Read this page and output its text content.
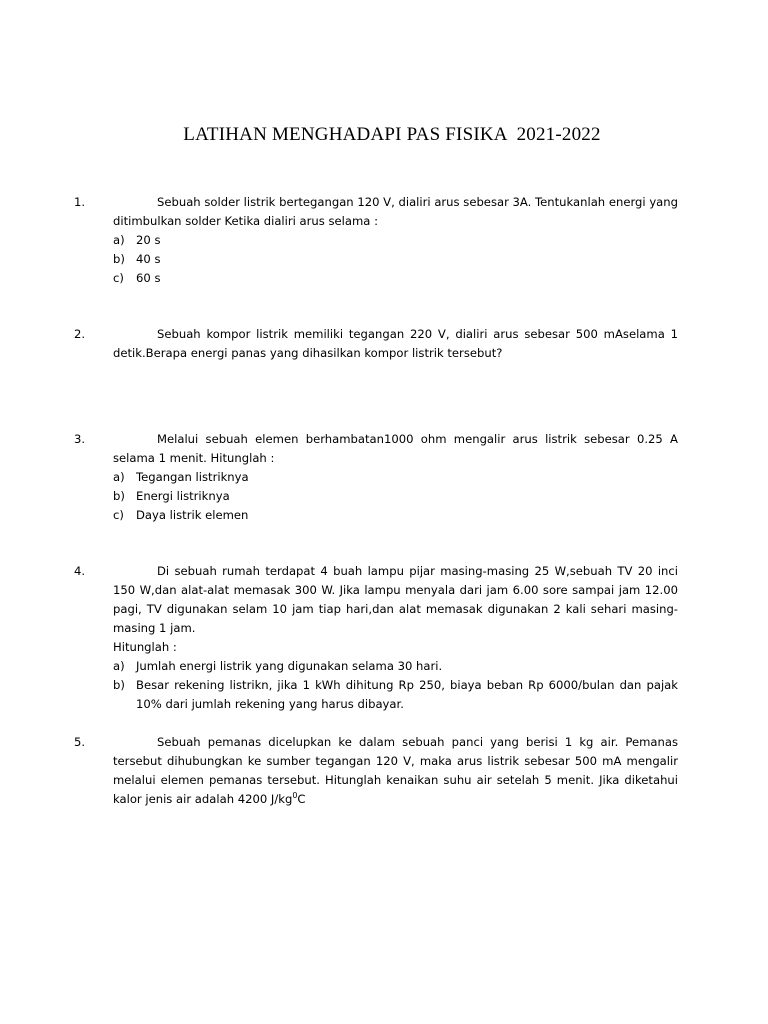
LATIHAN MENGHADAPI PAS FISIKA  2021-2022
1.	Sebuah solder listrik bertegangan 120 V, dialiri arus sebesar 3A. Tentukanlah energi yang ditimbulkan solder Ketika dialiri arus selama :
a) 20 s
b) 40 s
c) 60 s
2.	Sebuah kompor listrik memiliki tegangan 220 V, dialiri arus sebesar 500 mAselama 1 detik.Berapa energi panas yang dihasilkan kompor listrik tersebut?
3.	Melalui sebuah elemen berhambatan1000 ohm mengalir arus listrik sebesar 0.25 A selama 1 menit. Hitunglah :
a) Tegangan listriknya
b) Energi listriknya
c) Daya listrik elemen
4.	Di sebuah rumah terdapat 4 buah lampu pijar masing-masing 25 W,sebuah TV 20 inci 150 W,dan alat-alat memasak 300 W. Jika lampu menyala dari jam 6.00 sore sampai jam 12.00 pagi, TV digunakan selam 10 jam tiap hari,dan alat memasak digunakan 2 kali sehari masing-masing 1 jam.
Hitunglah :
a) Jumlah energi listrik yang digunakan selama 30 hari.
b) Besar rekening listrikn, jika 1 kWh dihitung Rp 250, biaya beban Rp 6000/bulan dan pajak 10% dari jumlah rekening yang harus dibayar.
5.	Sebuah pemanas dicelupkan ke dalam sebuah panci yang berisi 1 kg air. Pemanas tersebut dihubungkan ke sumber tegangan 120 V, maka arus listrik sebesar 500 mA mengalir melalui elemen pemanas tersebut. Hitunglah kenaikan suhu air setelah 5 menit. Jika diketahui kalor jenis air adalah 4200 $J/kg^0C$
